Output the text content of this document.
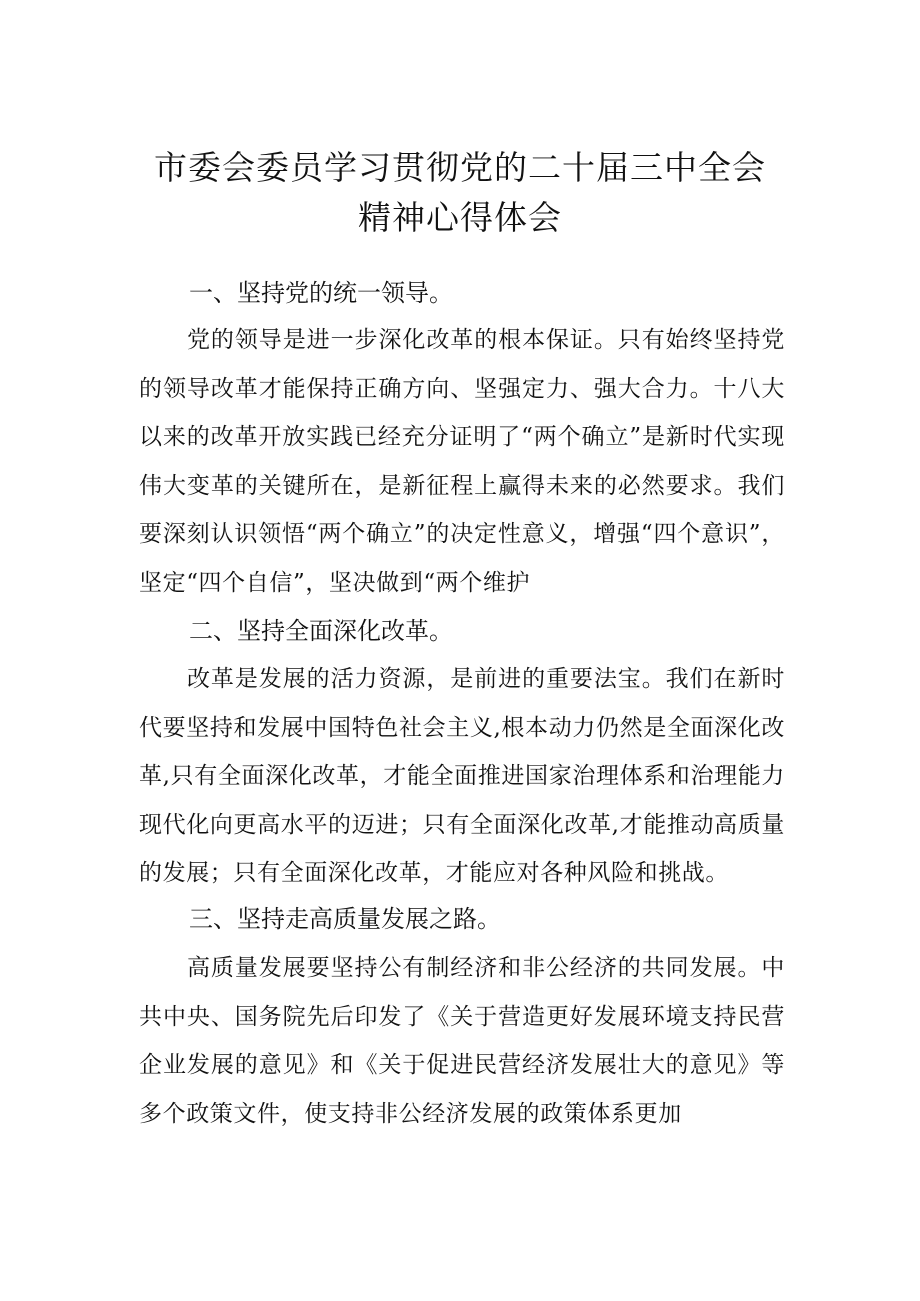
市委会委员学习贯彻党的二十届三中全会
精神心得体会
一、坚持党的统一领导。
党的领导是进一步深化改革的根本保证。只有始终坚持党的领导改革才能保持正确方向、坚强定力、强大合力。十八大以来的改革开放实践已经充分证明了“两个确立”是新时代实现伟大变革的关键所在，是新征程上赢得未来的必然要求。我们要深刻认识领悟“两个确立”的决定性意义，增强“四个意识”，坚定“四个自信”，坚决做到“两个维护
二、坚持全面深化改革。
改革是发展的活力资源，是前进的重要法宝。我们在新时代要坚持和发展中国特色社会主义,根本动力仍然是全面深化改革,只有全面深化改革，才能全面推进国家治理体系和治理能力现代化向更高水平的迈进；只有全面深化改革,才能推动高质量的发展；只有全面深化改革，才能应对各种风险和挑战。
三、坚持走高质量发展之路。
高质量发展要坚持公有制经济和非公经济的共同发展。中共中央、国务院先后印发了《关于营造更好发展环境支持民营企业发展的意见》和《关于促进民营经济发展壮大的意见》等多个政策文件，使支持非公经济发展的政策体系更加
